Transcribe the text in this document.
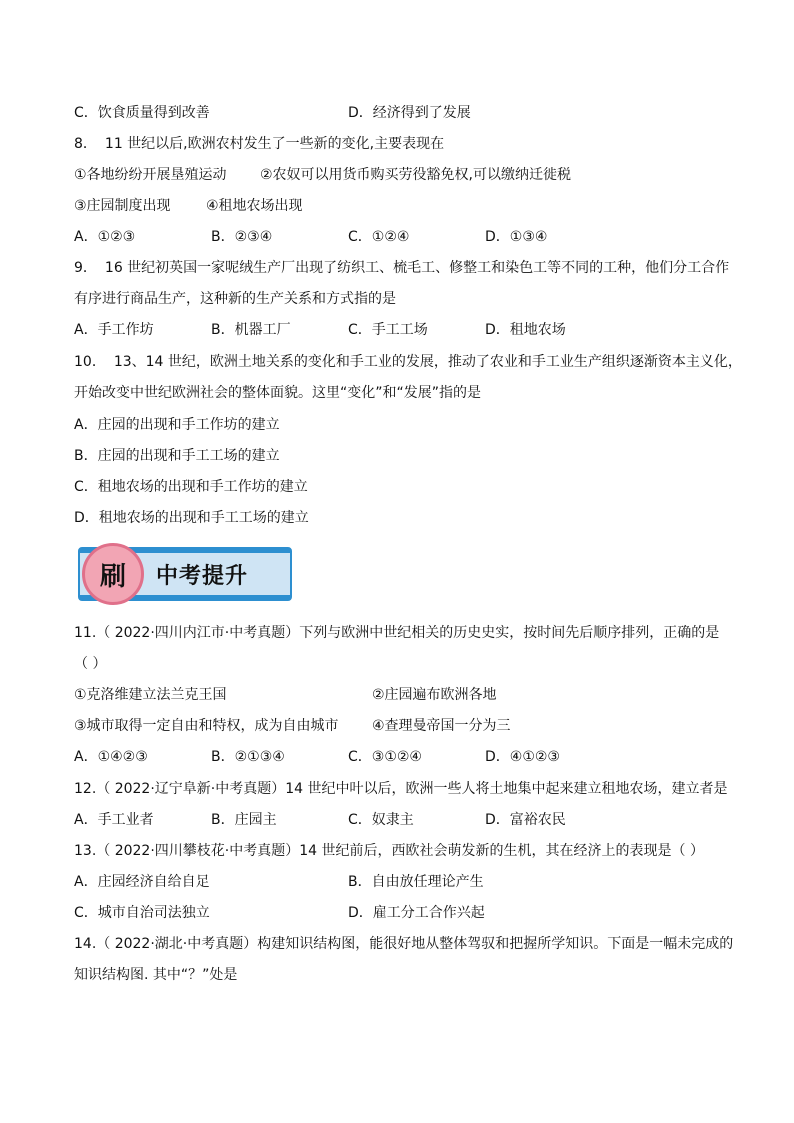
C．饮食质量得到改善	D．经济得到了发展
8． 11 世纪以后,欧洲农村发生了一些新的变化,主要表现在
①各地纷纷开展垦殖运动 ②农奴可以用货币购买劳役豁免权,可以缴纳迁徙税
③庄园制度出现	④租地农场出现
A．①②③	B．②③④	C．①②④	D．①③④
9． 16 世纪初英国一家呢绒生产厂出现了纺织工、梳毛工、修整工和染色工等不同的工种，他们分工合作
有序进行商品生产，这种新的生产关系和方式指的是
A．手工作坊	B．机器工厂	C．手工工场	D．租地农场
10． 13、14 世纪，欧洲土地关系的变化和手工业的发展，推动了农业和手工业生产组织逐渐资本主义化，
开始改变中世纪欧洲社会的整体面貌。这里“变化”和“发展”指的是
A．庄园的出现和手工作坊的建立
B．庄园的出现和手工工场的建立
C．租地农场的出现和手工作坊的建立
D．租地农场的出现和手工工场的建立
刷 中考提升
11.（ 2022·四川内江市·中考真题）下列与欧洲中世纪相关的历史史实，按时间先后顺序排列，正确的是
（ ）
①克洛维建立法兰克王国	②庄园遍布欧洲各地
③城市取得一定自由和特权，成为自由城市 ④查理曼帝国一分为三
A．①④②③	B．②①③④	C．③①②④	D．④①②③
12.（ 2022·辽宁阜新·中考真题）14 世纪中叶以后，欧洲一些人将土地集中起来建立租地农场，建立者是
A．手工业者	B．庄园主	C．奴隶主	D．富裕农民
13.（ 2022·四川攀枝花·中考真题）14 世纪前后，西欧社会萌发新的生机，其在经济上的表现是（ ）
A．庄园经济自给自足	B．自由放任理论产生
C．城市自治司法独立	D．雇工分工合作兴起
14.（ 2022·湖北·中考真题）构建知识结构图，能很好地从整体驾驭和把握所学知识。下面是一幅未完成的
知识结构图. 其中“？”处是
